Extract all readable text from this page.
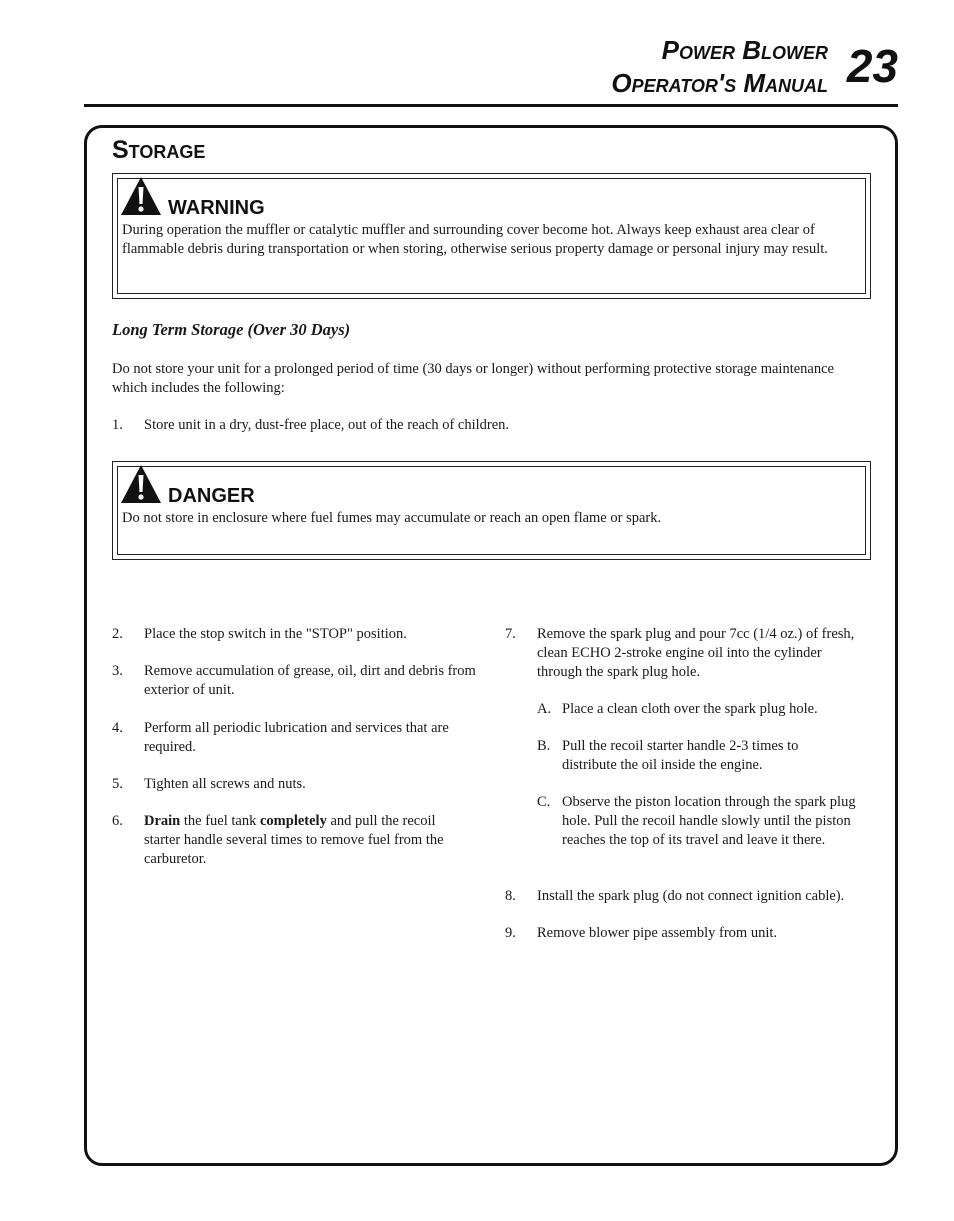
Power Blower
Operator's Manual 23
Storage
WARNING

During operation the muffler or catalytic muffler and surrounding cover become hot. Always keep exhaust area clear of flammable debris during transportation or when storing, otherwise serious property damage or personal injury may result.

Long Term Storage (Over 30 Days)

Do not store your unit for a prolonged period of time (30 days or longer) without performing protective storage maintenance which includes the following:

1. Store unit in a dry, dust-free place, out of the reach of children.
DANGER

Do not store in enclosure where fuel fumes may accumulate or reach an open flame or spark.

2. Place the stop switch in the "STOP" position.
3. Remove accumulation of grease, oil, dirt and debris from exterior of unit.
4. Perform all periodic lubrication and services that are required.
5. Tighten all screws and nuts.
6. Drain the fuel tank completely and pull the recoil starter handle several times to remove fuel from the carburetor.
7. Remove the spark plug and pour 7cc (1/4 oz.) of fresh, clean ECHO 2-stroke engine oil into the cylinder through the spark plug hole.
A. Place a clean cloth over the spark plug hole.
B. Pull the recoil starter handle 2-3 times to distribute the oil inside the engine.
C. Observe the piston location through the spark plug hole. Pull the recoil handle slowly until the piston reaches the top of its travel and leave it there.
8. Install the spark plug (do not connect ignition cable).
9. Remove blower pipe assembly from unit.
